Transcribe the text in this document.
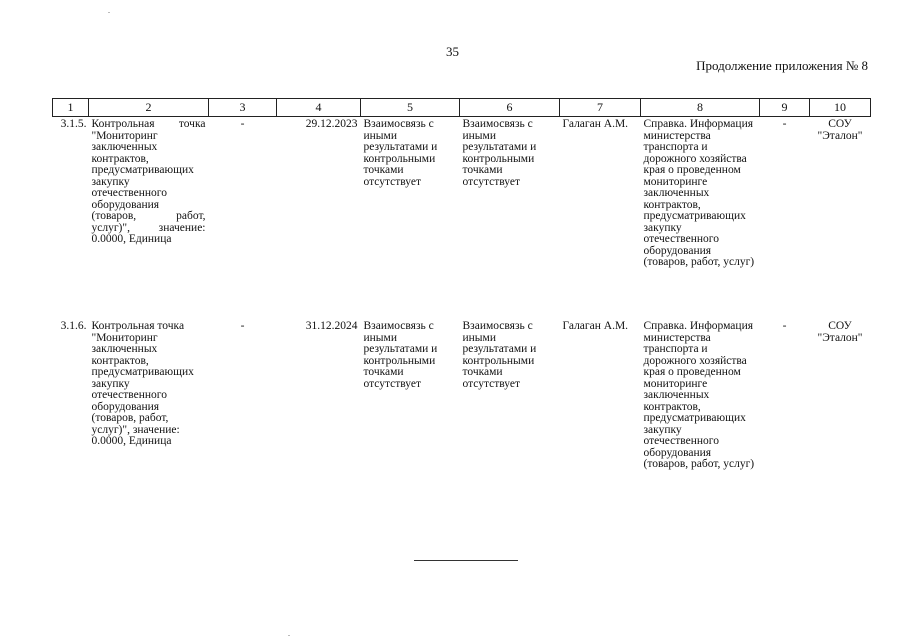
35
Продолжение приложения № 8
1	2	3	4	5	6	7	8	9	10
3.1.5.	Контрольная точка "Мониторинг заключенных контрактов, предусматривающих закупку отечественного оборудования (товаров, работ, услуг)", значение: 0.0000, Единица	-	29.12.2023	Взаимосвязь с иными результатами и контрольными точками отсутствует	Взаимосвязь с иными результатами и контрольными точками отсутствует	Галаган А.М.	Справка. Информация министерства транспорта и дорожного хозяйства края о проведенном мониторинге заключенных контрактов, предусматривающих закупку отечественного оборудования (товаров, работ, услуг)	-	СОУ "Эталон"
3.1.6.	Контрольная точка "Мониторинг заключенных контрактов, предусматривающих закупку отечественного оборудования (товаров, работ, услуг)", значение: 0.0000, Единица	-	31.12.2024	Взаимосвязь с иными результатами и контрольными точками отсутствует	Взаимосвязь с иными результатами и контрольными точками отсутствует	Галаган А.М.	Справка. Информация министерства транспорта и дорожного хозяйства края о проведенном мониторинге заключенных контрактов, предусматривающих закупку отечественного оборудования (товаров, работ, услуг)	-	СОУ "Эталон"
